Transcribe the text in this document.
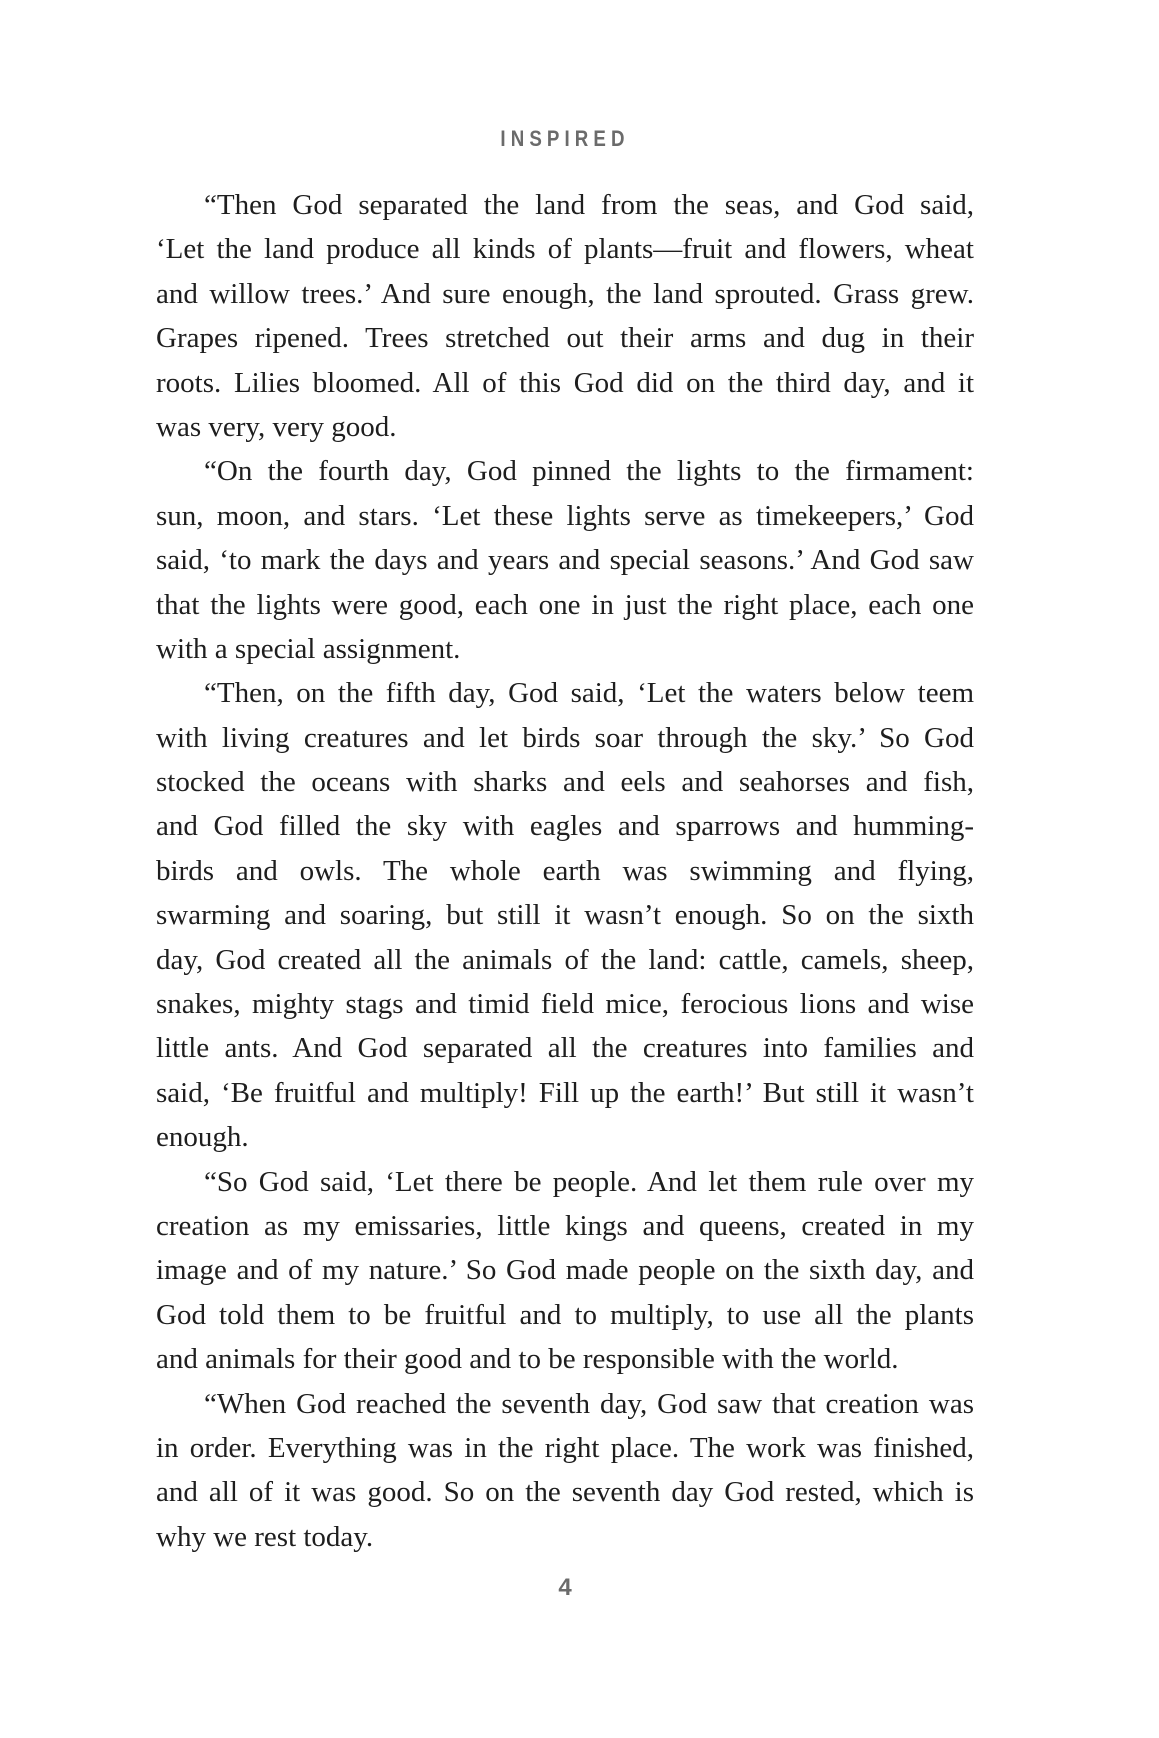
INSPIRED
“Then God separated the land from the seas, and God said,
‘Let the land produce all kinds of plants—fruit and flowers, wheat
and willow trees.’ And sure enough, the land sprouted. Grass grew.
Grapes ripened. Trees stretched out their arms and dug in their
roots. Lilies bloomed. All of this God did on the third day, and it
was very, very good.
“On the fourth day, God pinned the lights to the firmament:
sun, moon, and stars. ‘Let these lights serve as timekeepers,’ God
said, ‘to mark the days and years and special seasons.’ And God saw
that the lights were good, each one in just the right place, each one
with a special assignment.
“Then, on the fifth day, God said, ‘Let the waters below teem
with living creatures and let birds soar through the sky.’ So God
stocked the oceans with sharks and eels and seahorses and fish,
and God filled the sky with eagles and sparrows and humming-
birds and owls. The whole earth was swimming and flying,
swarming and soaring, but still it wasn’t enough. So on the sixth
day, God created all the animals of the land: cattle, camels, sheep,
snakes, mighty stags and timid field mice, ferocious lions and wise
little ants. And God separated all the creatures into families and
said, ‘Be fruitful and multiply! Fill up the earth!’ But still it wasn’t
enough.
“So God said, ‘Let there be people. And let them rule over my
creation as my emissaries, little kings and queens, created in my
image and of my nature.’ So God made people on the sixth day, and
God told them to be fruitful and to multiply, to use all the plants
and animals for their good and to be responsible with the world.
“When God reached the seventh day, God saw that creation was
in order. Everything was in the right place. The work was finished,
and all of it was good. So on the seventh day God rested, which is
why we rest today.
4
